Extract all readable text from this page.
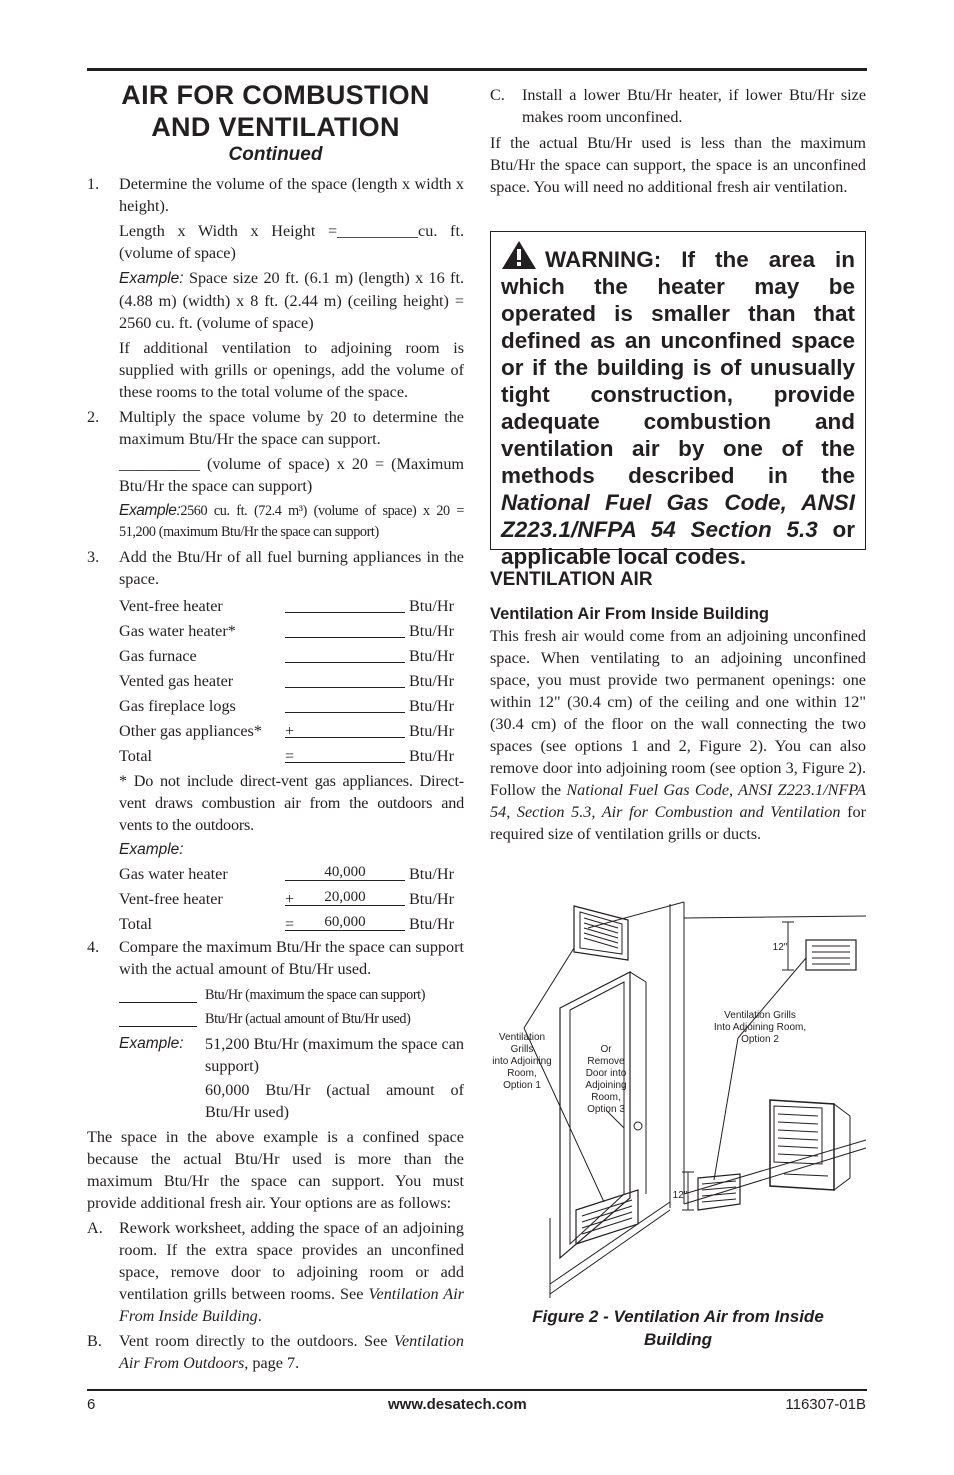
AIR FOR COMBUSTION

AND VENTILATION

Continued

1. Determine the volume of the space (length x width x height).

Length x Width x Height =__________cu. ft. (volume of space)

Example: Space size 20 ft. (6.1 m) (length) x 16 ft. (4.88 m) (width) x 8 ft. (2.44 m) (ceiling height) = 2560 cu. ft. (volume of space)

If additional ventilation to adjoining room is supplied with grills or openings, add the volume of these rooms to the total volume of the space.

2. Multiply the space volume by 20 to determine the maximum Btu/Hr the space can support.

__________ (volume of space) x 20 = (Maximum Btu/Hr the space can support)

Example:2560 cu. ft. (72.4 m³) (volume of space) x 20 = 51,200 (maximum Btu/Hr the space can support)

3. Add the Btu/Hr of all fuel burning appliances in the space.
Vent-free heater	Btu/Hr
Gas water heater*	Btu/Hr
Gas furnace	Btu/Hr
Vented gas heater	Btu/Hr
Gas fireplace logs	Btu/Hr
Other gas appliances*	+	Btu/Hr
Total	=	Btu/Hr

* Do not include direct-vent gas appliances. Direct-vent draws combustion air from the outdoors and vents to the outdoors.

Example:

Gas water heater	40,000	Btu/Hr
Vent-free heater	+	20,000	Btu/Hr
Total	=	60,000	Btu/Hr
4. Compare the maximum Btu/Hr the space can support with the actual amount of Btu/Hr used.
Btu/Hr (maximum the space can support)
Btu/Hr (actual amount of Btu/Hr used)
Example:	51,200 Btu/Hr (maximum the space can support)
60,000 Btu/Hr (actual amount of Btu/Hr used)

The space in the above example is a confined space because the actual Btu/Hr used is more than the maximum Btu/Hr the space can support. You must provide additional fresh air. Your options are as follows:

A. Rework worksheet, adding the space of an adjoining room. If the extra space provides an unconfined space, remove door to adjoining room or add ventilation grills between rooms. See Ventilation Air From Inside Building.
B. Vent room directly to the outdoors. See Ventilation Air From Outdoors, page 7.
C. Install a lower Btu/Hr heater, if lower Btu/Hr size makes room unconfined.

If the actual Btu/Hr used is less than the maximum Btu/Hr the space can support, the space is an unconfined space. You will need no additional fresh air ventilation.

WARNING: If the area in which the heater may be operated is smaller than that defined as an unconfined space or if the building is of unusually tight construction, provide adequate combustion and ventilation air by one of the methods described in the National Fuel Gas Code, ANSI Z223.1/NFPA 54 Section 5.3 or applicable local codes.

VENTILATION AIR

Ventilation Air From Inside Building

This fresh air would come from an adjoining unconfined space. When ventilating to an adjoining unconfined space, you must provide two permanent openings: one within 12" (30.4 cm) of the ceiling and one within 12" (30.4 cm) of the floor on the wall connecting the two spaces (see options 1 and 2, Figure 2). You can also remove door into adjoining room (see option 3, Figure 2). Follow the National Fuel Gas Code, ANSI Z223.1/NFPA 54, Section 5.3, Air for Combustion and Ventilation for required size of ventilation grills or ducts.

Ventilation
Grills
into Adjoining
Room,
Option 1
Or
Remove
Door into
Adjoining
Room,
Option 3
Ventilation Grills
Into Adjoining Room,
Option 2
12"
12"
Figure 2 - Ventilation Air from Inside
Building
6	www.desatech.com	116307-01B
